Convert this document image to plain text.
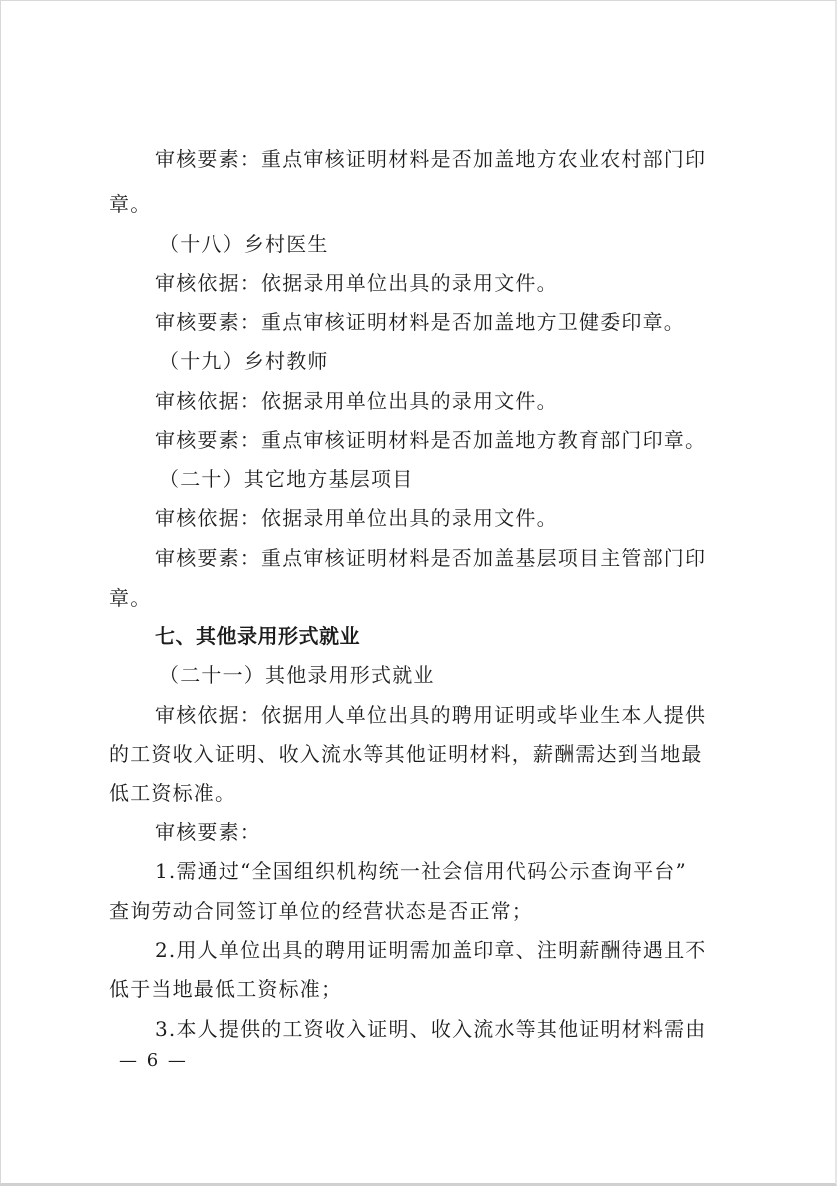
审核要素：重点审核证明材料是否加盖地方农业农村部门印
章。
（十八）乡村医生
审核依据：依据录用单位出具的录用文件。
审核要素：重点审核证明材料是否加盖地方卫健委印章。
（十九）乡村教师
审核依据：依据录用单位出具的录用文件。
审核要素：重点审核证明材料是否加盖地方教育部门印章。
（二十）其它地方基层项目
审核依据：依据录用单位出具的录用文件。
审核要素：重点审核证明材料是否加盖基层项目主管部门印
章。
七、其他录用形式就业
（二十一）其他录用形式就业
审核依据：依据用人单位出具的聘用证明或毕业生本人提供
的工资收入证明、收入流水等其他证明材料，薪酬需达到当地最
低工资标准。
审核要素：
1.需通过“全国组织机构统一社会信用代码公示查询平台”
查询劳动合同签订单位的经营状态是否正常；
2.用人单位出具的聘用证明需加盖印章、注明薪酬待遇且不
低于当地最低工资标准；
3.本人提供的工资收入证明、收入流水等其他证明材料需由
— 6 —
